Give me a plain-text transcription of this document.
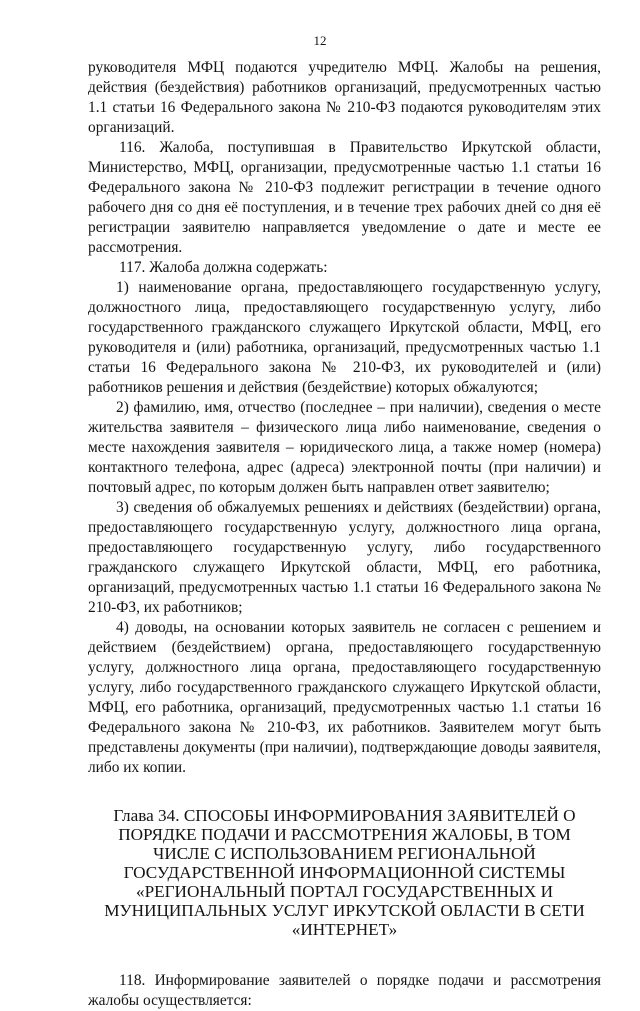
12

руководителя МФЦ подаются учредителю МФЦ. Жалобы на решения, действия (бездействия) работников организаций, предусмотренных частью 1.1 статьи 16 Федерального закона № 210-ФЗ подаются руководителям этих организаций.

116. Жалоба, поступившая в Правительство Иркутской области, Министерство, МФЦ, организации, предусмотренные частью 1.1 статьи 16 Федерального закона № 210-ФЗ подлежит регистрации в течение одного рабочего дня со дня её поступления, и в течение трех рабочих дней со дня её регистрации заявителю направляется уведомление о дате и месте ее рассмотрения.

117. Жалоба должна содержать:

1) наименование органа, предоставляющего государственную услугу, должностного лица, предоставляющего государственную услугу, либо государственного гражданского служащего Иркутской области, МФЦ, его руководителя и (или) работника, организаций, предусмотренных частью 1.1 статьи 16 Федерального закона № 210-ФЗ, их руководителей и (или) работников решения и действия (бездействие) которых обжалуются;

2) фамилию, имя, отчество (последнее – при наличии), сведения о месте жительства заявителя – физического лица либо наименование, сведения о месте нахождения заявителя – юридического лица, а также номер (номера) контактного телефона, адрес (адреса) электронной почты (при наличии) и почтовый адрес, по которым должен быть направлен ответ заявителю;

3) сведения об обжалуемых решениях и действиях (бездействии) органа, предоставляющего государственную услугу, должностного лица органа, предоставляющего государственную услугу, либо государственного гражданского служащего Иркутской области, МФЦ, его работника, организаций, предусмотренных частью 1.1 статьи 16 Федерального закона № 210-ФЗ, их работников;

4) доводы, на основании которых заявитель не согласен с решением и действием (бездействием) органа, предоставляющего государственную услугу, должностного лица органа, предоставляющего государственную услугу, либо государственного гражданского служащего Иркутской области, МФЦ, его работника, организаций, предусмотренных частью 1.1 статьи 16 Федерального закона № 210-ФЗ, их работников. Заявителем могут быть представлены документы (при наличии), подтверждающие доводы заявителя, либо их копии.

Глава 34. СПОСОБЫ ИНФОРМИРОВАНИЯ ЗАЯВИТЕЛЕЙ О ПОРЯДКЕ ПОДАЧИ И РАССМОТРЕНИЯ ЖАЛОБЫ, В ТОМ ЧИСЛЕ С ИСПОЛЬЗОВАНИЕМ РЕГИОНАЛЬНОЙ ГОСУДАРСТВЕННОЙ ИНФОРМАЦИОННОЙ СИСТЕМЫ «РЕГИОНАЛЬНЫЙ ПОРТАЛ ГОСУДАРСТВЕННЫХ И МУНИЦИПАЛЬНЫХ УСЛУГ ИРКУТСКОЙ ОБЛАСТИ В СЕТИ «ИНТЕРНЕТ»

118. Информирование заявителей о порядке подачи и рассмотрения жалобы осуществляется:
